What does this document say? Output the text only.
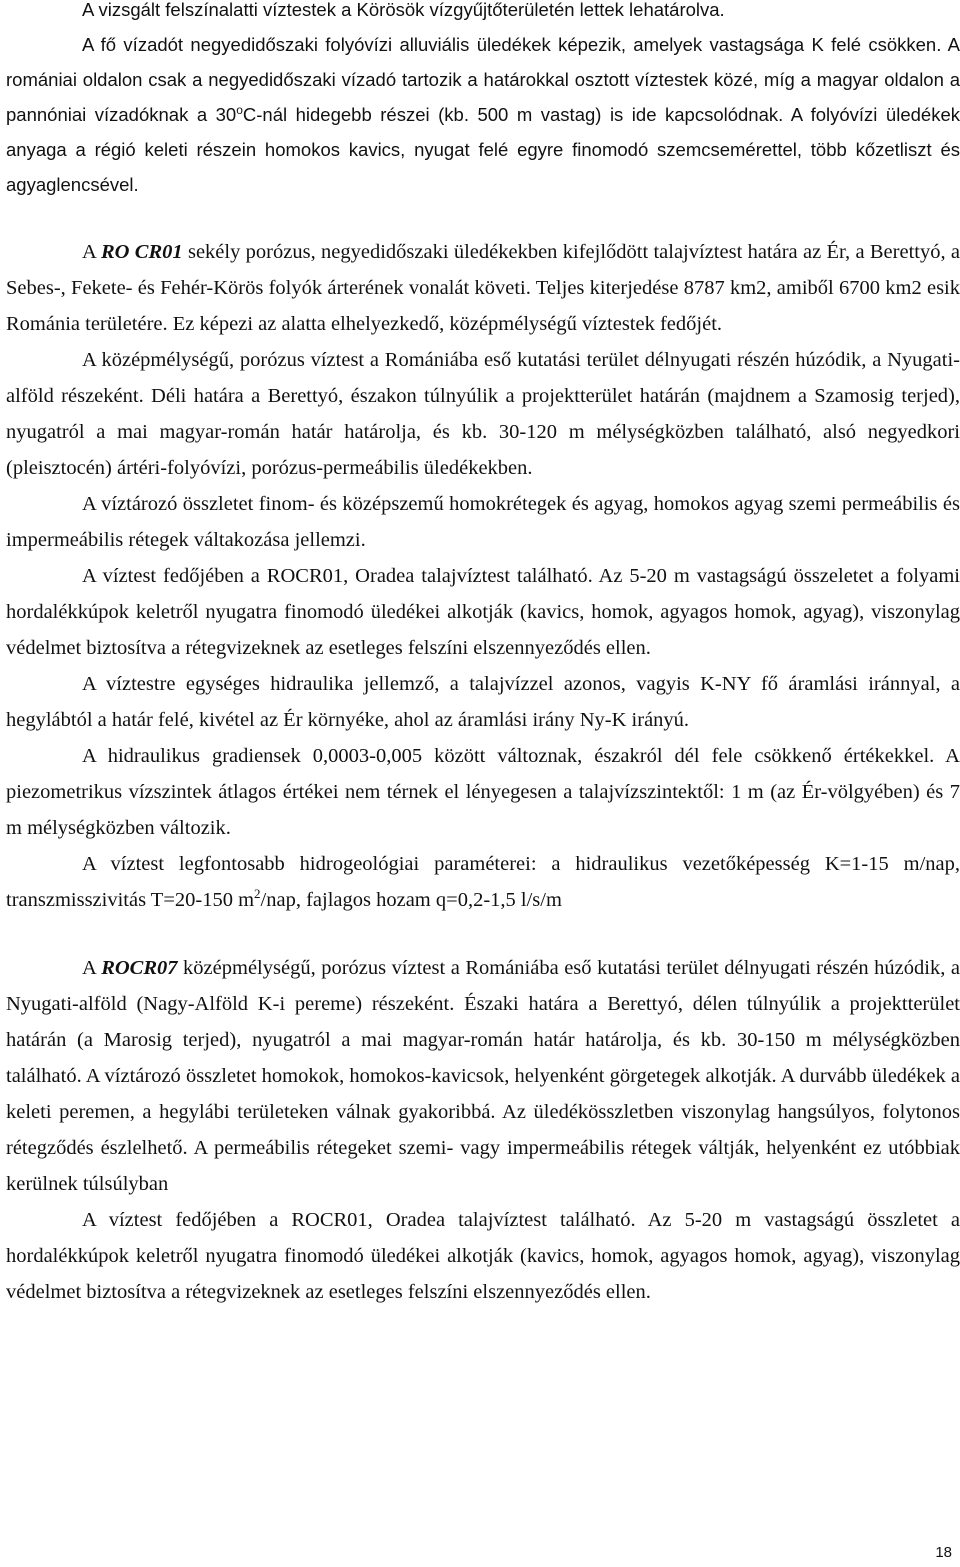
A vizsgált felszínalatti víztestek a Körösök vízgyűjtőterületén lettek lehatárolva.
A fő vízadót negyedidőszaki folyóvízi alluviális üledékek képezik, amelyek vastagsága K felé csökken. A romániai oldalon csak a negyedidőszaki vízadó tartozik a határokkal osztott víztestek közé, míg a magyar oldalon a pannóniai vízadóknak a 30$^o$C-nál hidegebb részei (kb. 500 m vastag) is ide kapcsolódnak. A folyóvízi üledékek anyaga a régió keleti részein homokos kavics, nyugat felé egyre finomodó szemcsemérettel, több kőzetliszt és agyaglencsével.

A RO CR01 sekély porózus, negyedidőszaki üledékekben kifejlődött talajvíztest határa az Ér, a Berettyó, a Sebes-, Fekete- és Fehér-Körös folyók árterének vonalát követi. Teljes kiterjedése 8787 km2, amiből 6700 km2 esik Románia területére. Ez képezi az alatta elhelyezkedő, középmélységű víztestek fedőjét.

A középmélységű, porózus víztest a Romániába eső kutatási terület délnyugati részén húzódik, a Nyugati-alföld részeként. Déli határa a Berettyó, északon túlnyúlik a projektterület határán (majdnem a Szamosig terjed), nyugatról a mai magyar-román határ határolja, és kb. 30-120 m mélységközben található, alsó negyedkori (pleisztocén) ártéri-folyóvízi, porózus-permeábilis üledékekben.

A víztározó összletet finom- és középszemű homokrétegek és agyag, homokos agyag szemi permeábilis és impermeábilis rétegek váltakozása jellemzi.

A víztest fedőjében a ROCR01, Oradea talajvíztest található. Az 5-20 m vastagságú összeletet a folyami hordalékkúpok keletről nyugatra finomodó üledékei alkotják (kavics, homok, agyagos homok, agyag), viszonylag védelmet biztosítva a rétegvizeknek az esetleges felszíni elszennyeződés ellen.

A víztestre egységes hidraulika jellemző, a talajvízzel azonos, vagyis K-NY fő áramlási iránnyal, a hegylábtól a határ felé, kivétel az Ér környéke, ahol az áramlási irány Ny-K irányú.

A hidraulikus gradiensek 0,0003-0,005 között változnak, északról dél fele csökkenő értékekkel. A piezometrikus vízszintek átlagos értékei nem térnek el lényegesen a talajvízszintektől: 1 m (az Ér-völgyében) és 7 m mélységközben változik.

A víztest legfontosabb hidrogeológiai paraméterei: a hidraulikus vezetőképesség K=1-15 m/nap, transzmisszivitás T=20-150 $m^2$/nap, fajlagos hozam q=0,2-1,5 l/s/m

A ROCR07 középmélységű, porózus víztest a Romániába eső kutatási terület délnyugati részén húzódik, a Nyugati-alföld (Nagy-Alföld K-i pereme) részeként. Északi határa a Berettyó, délen túlnyúlik a projektterület határán (a Marosig terjed), nyugatról a mai magyar-román határ határolja, és kb. 30-150 m mélységközben található. A víztározó összletet homokok, homokos-kavicsok, helyenként görgetegek alkotják. A durvább üledékek a keleti peremen, a hegylábi területeken válnak gyakoribbá. Az üledékösszletben viszonylag hangsúlyos, folytonos rétegződés észlelhető. A permeábilis rétegeket szemi- vagy impermeábilis rétegek váltják, helyenként ez utóbbiak kerülnek túlsúlyban

A víztest fedőjében a ROCR01, Oradea talajvíztest található. Az 5-20 m vastagságú összletet a hordalékkúpok keletről nyugatra finomodó üledékei alkotják (kavics, homok, agyagos homok, agyag), viszonylag védelmet biztosítva a rétegvizeknek az esetleges felszíni elszennyeződés ellen.

18
